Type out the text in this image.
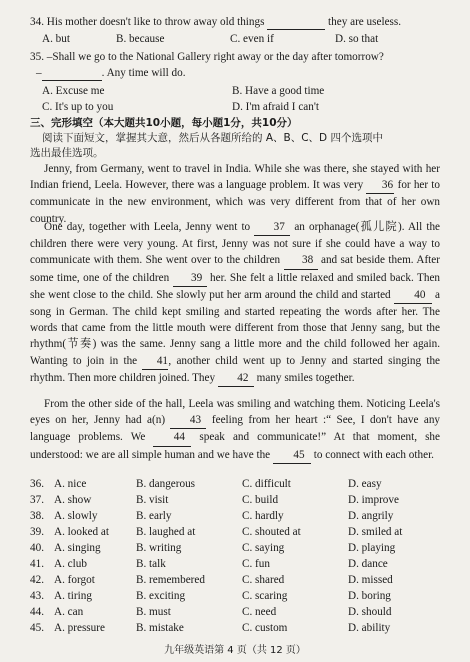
34. His mother doesn't like to throw away old things	they are useless.
A. but	B. because	C. even if	D. so that
35. –Shall we go to the National Gallery right away or the day after tomorrow?
–	. Any time will do.
A. Excuse me	B. Have a good time
C. It's up to you	D. I'm afraid I can't
三、完形填空（本大题共10小题，每小题1分，共10分）
阅读下面短文，掌握其大意，然后从各题所给的 A、B、C、D 四个选项中
选出最佳选项。
Jenny, from Germany, went to travel in India. While she was there, she stayed with her Indian friend, Leela. However, there was a language problem. It was very 36 for her to communicate in the new environment, which was very different from that of her own country.
One day, together with Leela, Jenny went to 37 an orphanage(孤儿院). All the children there were very young. At first, Jenny was not sure if she could have a way to communicate with them. She went over to the children 38 and sat beside them. After some time, one of the children 39 her. She felt a little relaxed and smiled back. Then she went close to the child. She slowly put her arm around the child and started 40 a song in German. The child kept smiling and started repeating the words after her. The words that came from the little mouth were different from those that Jenny sang, but the rhythm(节奏) was the same. Jenny sang a little more and the child followed her again. Wanting to join in the 41, another child went up to Jenny and started singing the rhythm. Then more children joined. They 42 many smiles together.
From the other side of the hall, Leela was smiling and watching them. Noticing Leela's eyes on her, Jenny had a(n) 43 feeling from her heart :“ See, I don't have any language problems. We	44 speak and communicate!” At that moment, she understood: we are all simple human and we have the 45 to connect with each other.
36. A. nice	B. dangerous	C. difficult	D. easy
37. A. show	B. visit	C. build	D. improve
38. A. slowly	B. early	C. hardly	D. angrily
39. A. looked at B. laughed at	C. shouted at	D. smiled at
40. A. singing	B. writing	C. saying	D. playing
41. A. club	B. talk	C. fun	D. dance
42. A. forgot	B. remembered	C. shared	D. missed
43. A. tiring	B. exciting	C. scaring	D. boring
44. A. can	B. must	C. need	D. should
45. A. pressure	B. mistake	C. custom	D. ability
九年级英语第 4 页（共 12 页）
